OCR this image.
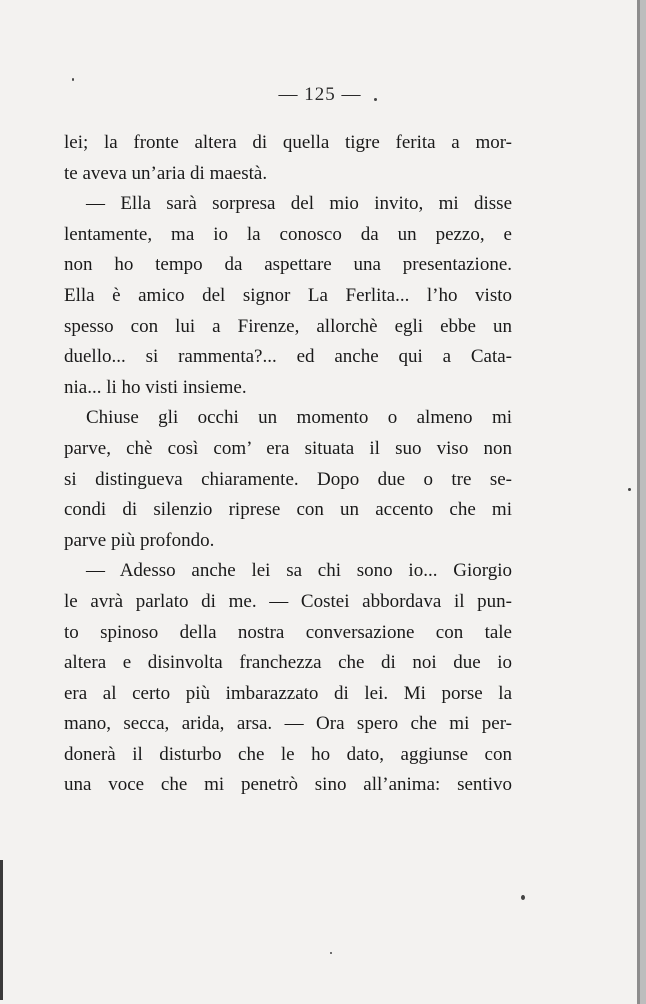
— 125 —
lei; la fronte altera di quella tigre ferita a mor-
te aveva un’aria di maestà.
— Ella sarà sorpresa del mio invito, mi disse
lentamente, ma io la conosco da un pezzo, e
non ho tempo da aspettare una presentazione.
Ella è amico del signor La Ferlita... l’ho visto
spesso con lui a Firenze, allorchè egli ebbe un
duello... si rammenta?... ed anche qui a Cata-
nia... li ho visti insieme.
Chiuse gli occhi un momento o almeno mi
parve, chè così com’ era situata il suo viso non
si distingueva chiaramente. Dopo due o tre se-
condi di silenzio riprese con un accento che mi
parve più profondo.
— Adesso anche lei sa chi sono io... Giorgio
le avrà parlato di me. — Costei abbordava il pun-
to spinoso della nostra conversazione con tale
altera e disinvolta franchezza che di noi due io
era al certo più imbarazzato di lei. Mi porse la
mano, secca, arida, arsa. — Ora spero che mi per-
donerà il disturbo che le ho dato, aggiunse con
una voce che mi penetrò sino all’anima: sentivo
